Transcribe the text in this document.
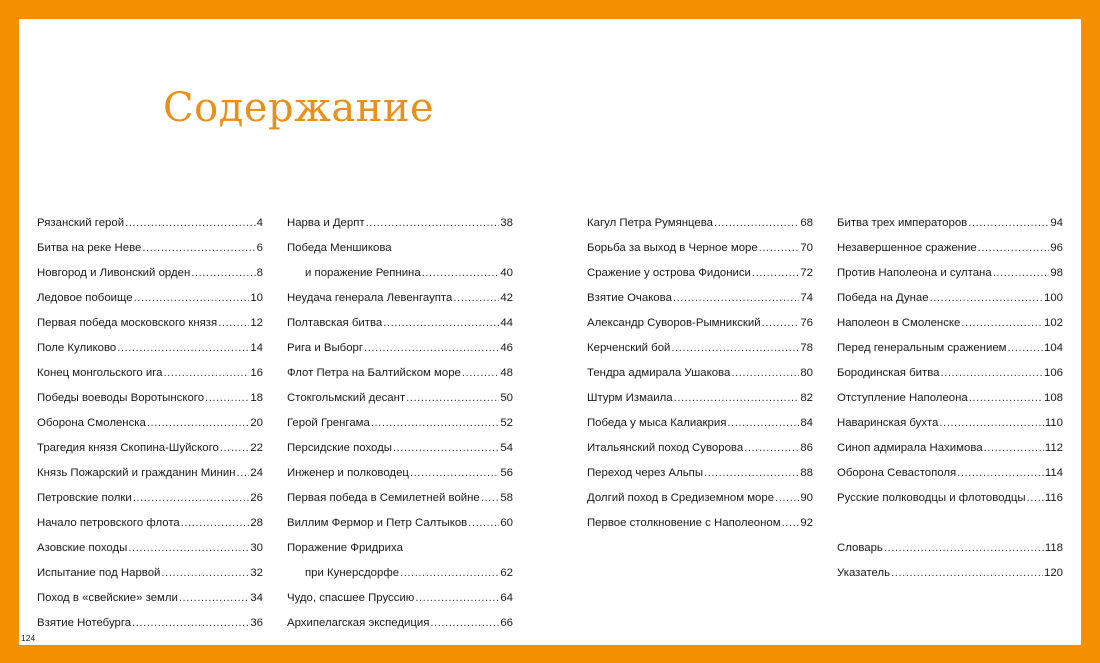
Содержание
Рязанский герой .....	4
Битва на реке Неве .....	6
Новгород и Ливонский орден .....	8
Ледовое побоище .....	10
Первая победа московского князя .....	12
Поле Куликово .....	14
Конец монгольского ига .....	16
Победы воеводы Воротынского .....	18
Оборона Смоленска .....	20
Трагедия князя Скопина-Шуйского .....	22
Князь Пожарский и гражданин Минин ..... 24
Петровские полки .....	26
Начало петровского флота .....	28
Азовские походы .....	30
Испытание под Нарвой .....	32
Поход в «свейские» земли .....	34
Взятие Нотебурга .....	36
Нарва и Дерпт .....	38
Победа Меншикова
и поражение Репнина .....	40
Неудача генерала Левенгаупта .....	42
Полтавская битва .....	44
Рига и Выборг .....	46
Флот Петра на Балтийском море .....	48
Стокгольмский десант .....	50
Герой Гренгама .....	52
Персидские походы .....	54
Инженер и полководец .....	56
Первая победа в Семилетней войне ..... 58
Виллим Фермор и Петр Салтыков .....	60
Поражение Фридриха
при Кунерсдорфе .....	62
Чудо, спасшее Пруссию .....	64
Архипелагская экспедиция .....	66
Кагул Петра Румянцева .....	68
Борьба за выход в Черное море .....	70
Сражение у острова Фидониси .....	72
Взятие Очакова .....	74
Александр Суворов-Рымникский .....	76
Керченский бой .....	78
Тендра адмирала Ушакова .....	80
Штурм Измаила .....	82
Победа у мыса Калиакрия .....	84
Итальянский поход Суворова .....	86
Переход через Альпы .....	88
Долгий поход в Средиземном море ..... 90
Первое столкновение с Наполеоном ..... 92
Битва трех императоров .....	94
Незавершенное сражение .....	96
Против Наполеона и султана .....	98
Победа на Дунае .....	100
Наполеон в Смоленске .....	102
Перед генеральным сражением .....	104
Бородинская битва .....	106
Отступление Наполеона .....	108
Наваринская бухта .....	110
Синоп адмирала Нахимова .....	112
Оборона Севастополя .....	114
Русские полководцы и флотоводцы ..... 116
Словарь .....	118
Указатель .....	120
124
